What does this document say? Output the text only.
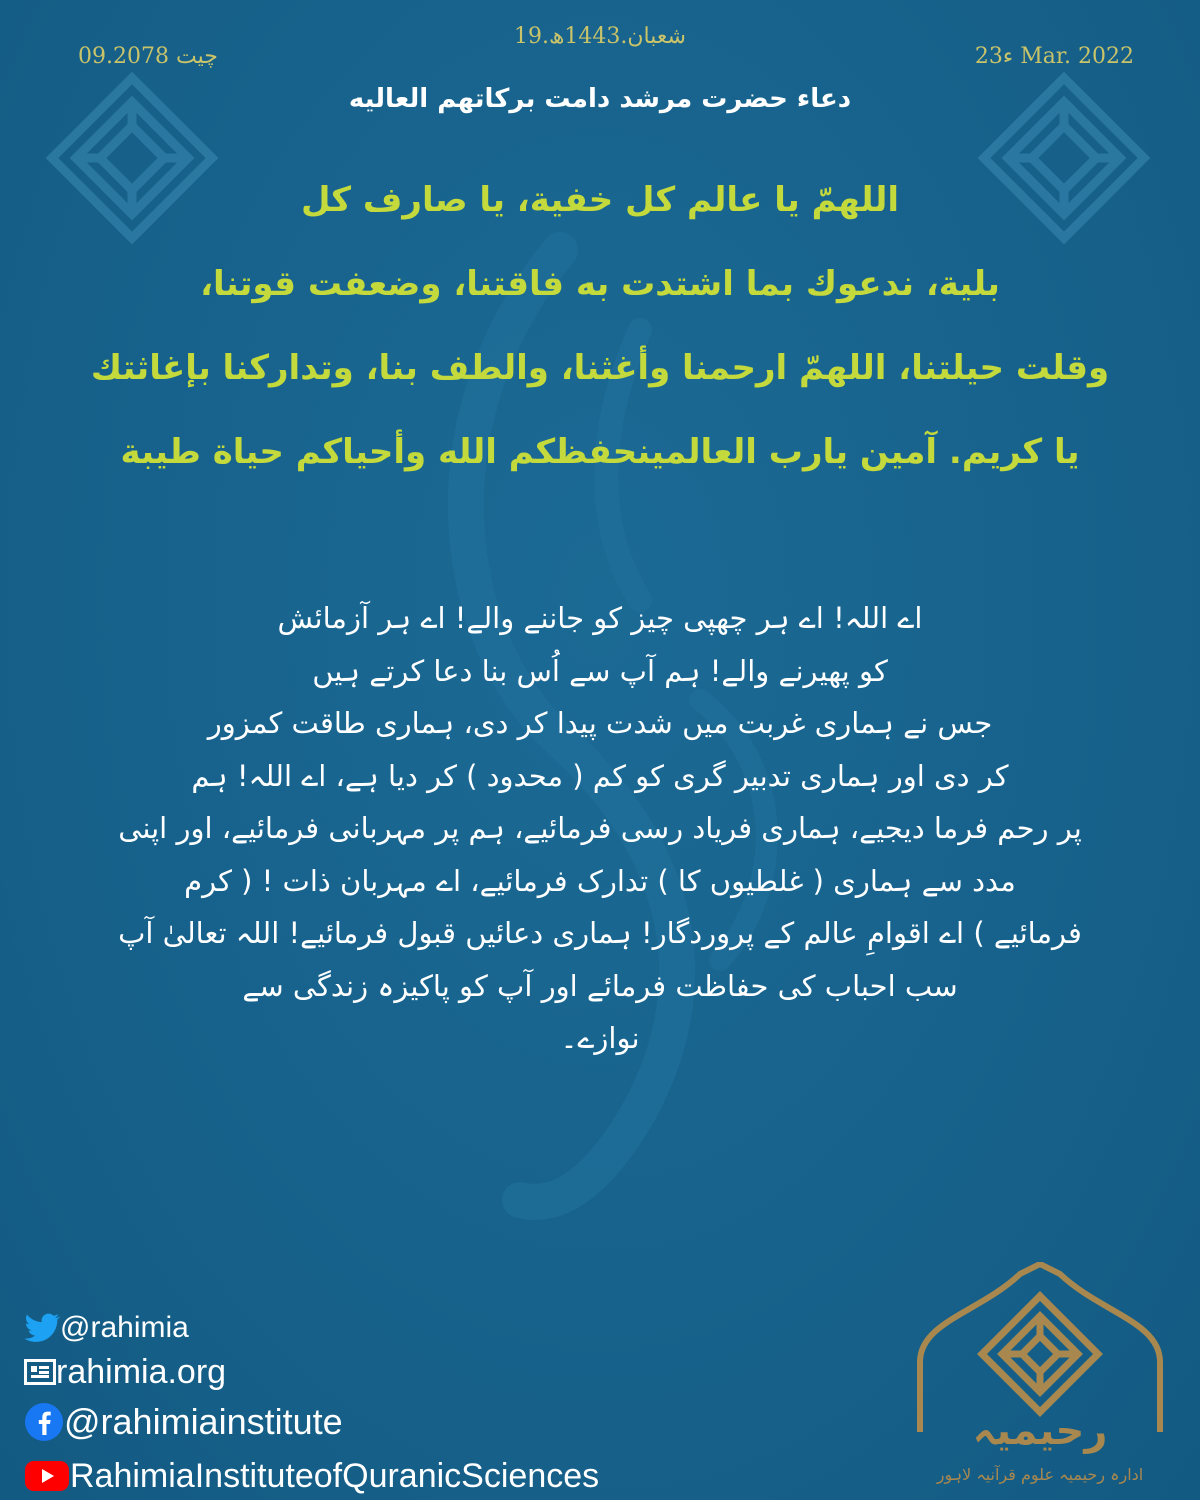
19.شعبان.1443ھ
09.چیت 2078	ء23 Mar. 2022
دعاء حضرت مرشد دامت برکاتهم العالیه

اللهمّ یا عالم كل خفية، يا صارف كل
بلية، ندعوك بما اشتدت به فاقتنا، وضعفت قوتنا،
وقلت حيلتنا، اللهمّ ارحمنا وأغثنا، والطف بنا، وتداركنا بإغاثتك
يا كريم. آمين يارب العالمينحفظكم الله وأحياكم حياة طيبة

اے اللہ! اے ہر چھپی چیز کو جاننے والے! اے ہر آزمائش
کو پھیرنے والے! ہم آپ سے اُس بنا دعا کرتے ہیں
جس نے ہماری غربت میں شدت پیدا کر دی، ہماری طاقت کمزور
کر دی اور ہماری تدبیر گری کو کم ( محدود ) کر دیا ہے، اے اللہ! ہم
پر رحم فرما دیجیے، ہماری فریاد رسی فرمائیے، ہم پر مہربانی فرمائیے، اور اپنی
مدد سے ہماری ( غلطیوں کا ) تدارک فرمائیے، اے مہربان ذات ! ( کرم
فرمائیے ) اے اقوامِ عالم کے پروردگار! ہماری دعائیں قبول فرمائیے! اللہ تعالیٰ آپ
سب احباب کی حفاظت فرمائے اور آپ کو پاکیزہ زندگی سے
نوازے۔

@rahimia
rahimia.org
@rahimiainstitute
RahimiaInstituteofQuranicSciences
رحیمیہ
ادارہ رحیمیہ علوم قرآنیہ لاہور
